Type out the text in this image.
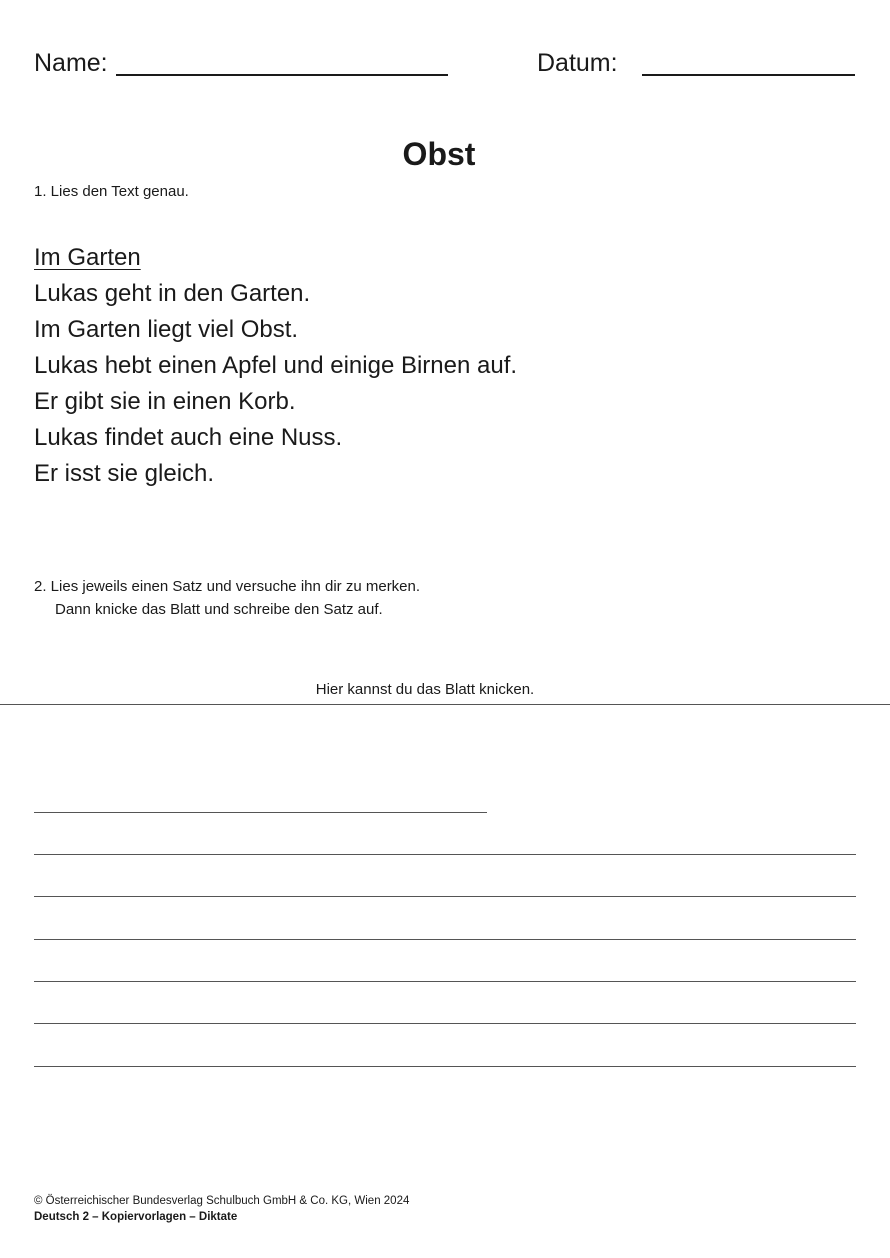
Name:	Datum:
Obst
1. Lies den Text genau.
Im Garten
Lukas geht in den Garten.
Im Garten liegt viel Obst.
Lukas hebt einen Apfel und einige Birnen auf.
Er gibt sie in einen Korb.
Lukas findet auch eine Nuss.
Er isst sie gleich.
2. Lies jeweils einen Satz und versuche ihn dir zu merken.
Dann knicke das Blatt und schreibe den Satz auf.
Hier kannst du das Blatt knicken.
© Österreichischer Bundesverlag Schulbuch GmbH & Co. KG, Wien 2024
Deutsch 2 – Kopiervorlagen – Diktate
